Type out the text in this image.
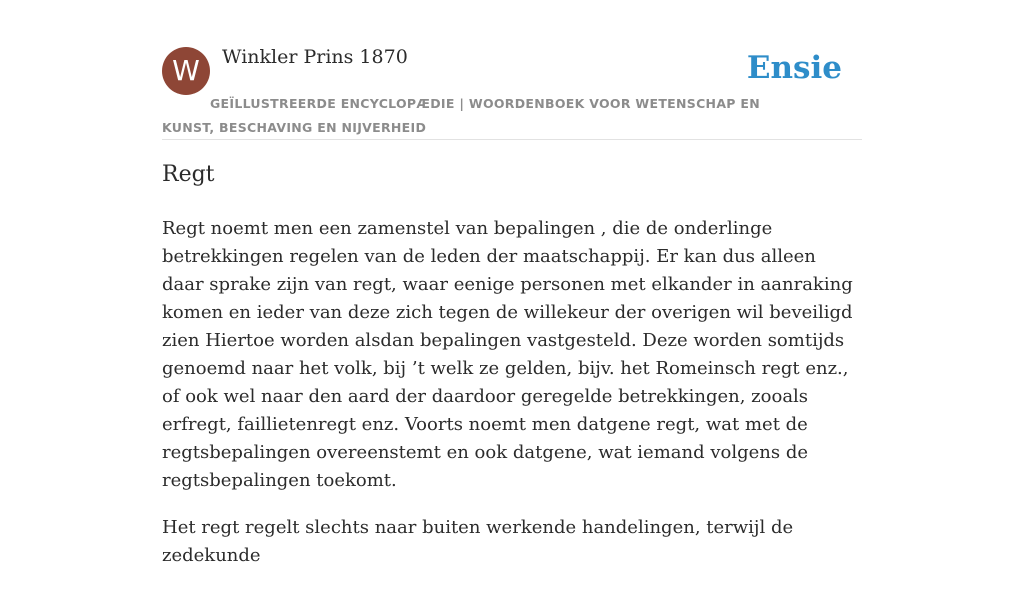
W	Winkler Prins 1870	Ensie
GEÏLLUSTREERDE ENCYCLOPÆDIE | WOORDENBOEK VOOR WETENSCHAP EN KUNST, BESCHAVING EN NIJVERHEID
Regt

Regt noemt men een zamenstel van bepalingen , die de onderlinge betrekkingen regelen van de leden der maatschappij. Er kan dus alleen daar sprake zijn van regt, waar eenige personen met elkander in aanraking komen en ieder van deze zich tegen de willekeur der overigen wil beveiligd zien Hiertoe worden alsdan bepalingen vastgesteld. Deze worden somtijds genoemd naar het volk, bij ’t welk ze gelden, bijv. het Romeinsch regt enz., of ook wel naar den aard der daardoor geregelde betrekkingen, zooals erfregt, faillietenregt enz. Voorts noemt men datgene regt, wat met de regtsbepalingen overeenstemt en ook datgene, wat iemand volgens de regtsbepalingen toekomt.

Het regt regelt slechts naar buiten werkende handelingen, terwijl de zedekunde
